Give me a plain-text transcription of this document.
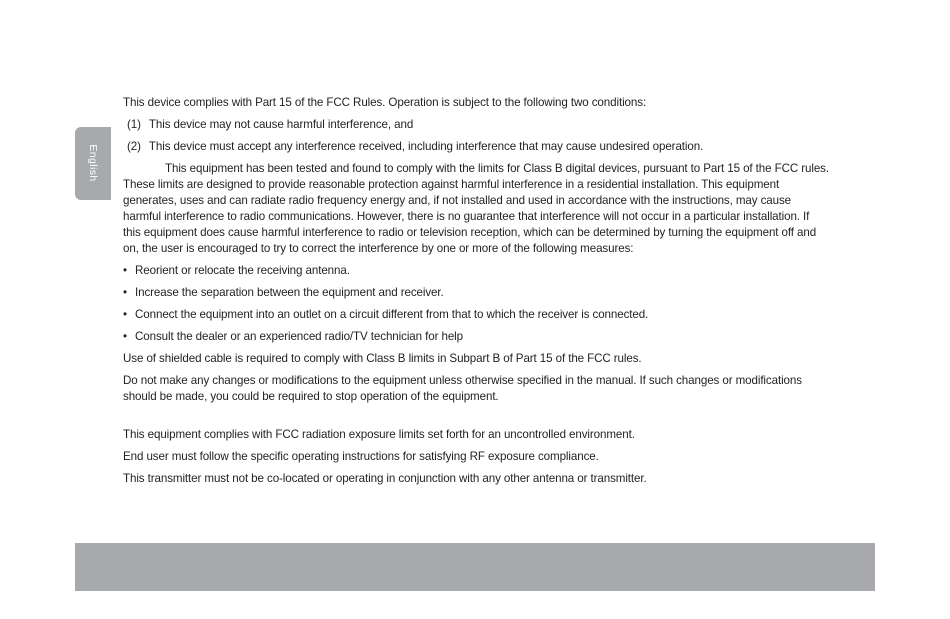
English

This device complies with Part 15 of the FCC Rules. Operation is subject to the following two conditions:

(1) This device may not cause harmful interference, and
(2) This device must accept any interference received, including interference that may cause undesired operation.

This equipment has been tested and found to comply with the limits for Class B digital devices, pursuant to Part 15 of the FCC rules. These limits are designed to provide reasonable protection against harmful interference in a residential installation. This equipment generates, uses and can radiate radio frequency energy and, if not installed and used in accordance with the instructions, may cause harmful interference to radio communications. However, there is no guarantee that interference will not occur in a particular installation. If this equipment does cause harmful interference to radio or television reception, which can be determined by turning the equipment off and on, the user is encouraged to try to correct the interference by one or more of the following measures:

• Reorient or relocate the receiving antenna.
• Increase the separation between the equipment and receiver.
• Connect the equipment into an outlet on a circuit different from that to which the receiver is connected.
• Consult the dealer or an experienced radio/TV technician for help

Use of shielded cable is required to comply with Class B limits in Subpart B of Part 15 of the FCC rules.

Do not make any changes or modifications to the equipment unless otherwise specified in the manual. If such changes or modifications should be made, you could be required to stop operation of the equipment.

This equipment complies with FCC radiation exposure limits set forth for an uncontrolled environment.

End user must follow the specific operating instructions for satisfying RF exposure compliance.

This transmitter must not be co-located or operating in conjunction with any other antenna or transmitter.
